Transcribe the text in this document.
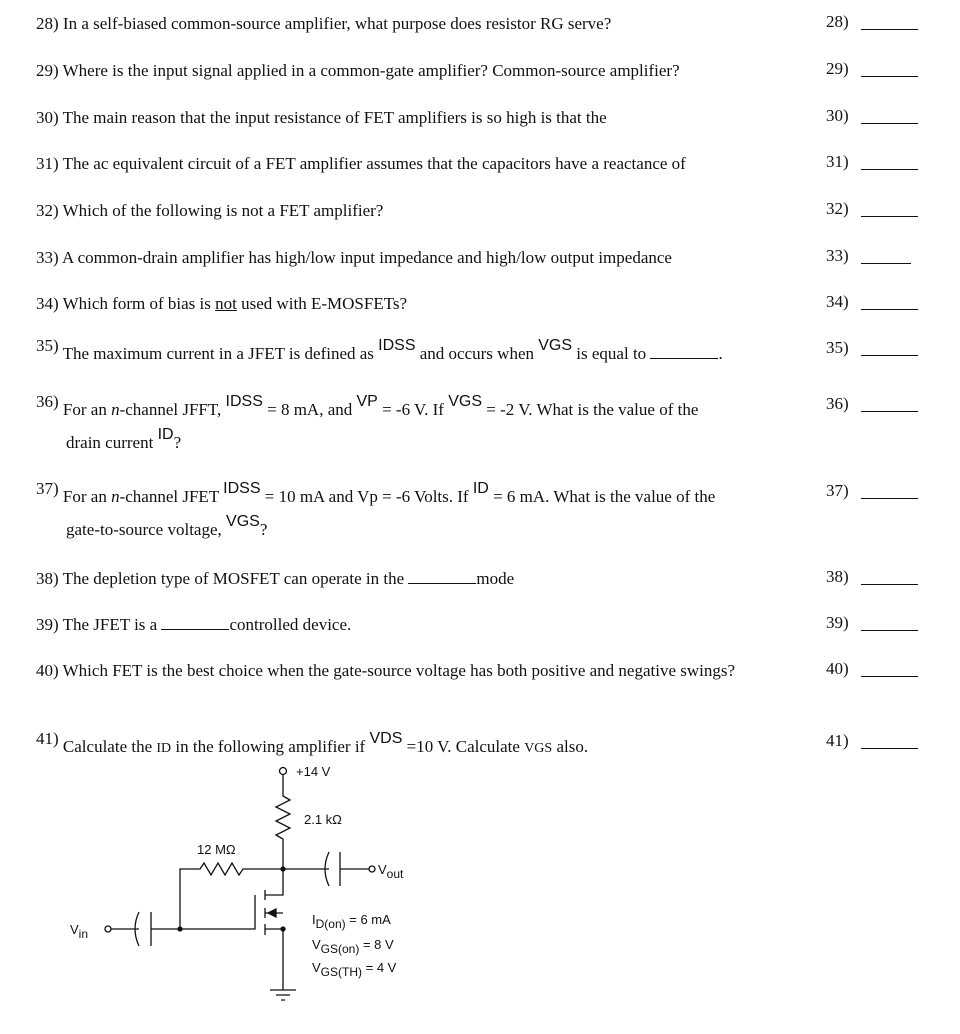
28) In a self-biased common-source amplifier, what purpose does resistor RG serve?	28)
29) Where is the input signal applied in a common-gate amplifier? Common-source amplifier?	29)
30) The main reason that the input resistance of FET amplifiers is so high is that the	30)
31) The ac equivalent circuit of a FET amplifier assumes that the capacitors have a reactance of	31)
32) Which of the following is not a FET amplifier?	32)
33) A common-drain amplifier has high/low input impedance and high/low output impedance	33)
34) Which form of bias is not used with E-MOSFETs?	34)
35) The maximum current in a JFET is defined as IDSS and occurs when VGS is equal to	.	35)
36) For an n-channel JFFT, IDSS = 8 mA, and VP = -6 V. If VGS = -2 V. What is the value of the
drain current ID?
36)
37) For an n-channel JFET IDSS = 10 mA and Vp = -6 Volts. If ID = 6 mA. What is the value of the
gate-to-source voltage, VGS?
37)
38) The depletion type of MOSFET can operate in the	mode	38)
39) The JFET is a	controlled device.	39)
40) Which FET is the best choice when the gate-source voltage has both positive and negative swings?	40)
41) Calculate the ID in the following amplifier if VDS =10 V. Calculate VGS also.	41)
+14 V
2.1 kΩ
12 MΩ
Vout
Vin
ID(on) = 6 mA
VGS(on) = 8 V
VGS(TH) = 4 V
